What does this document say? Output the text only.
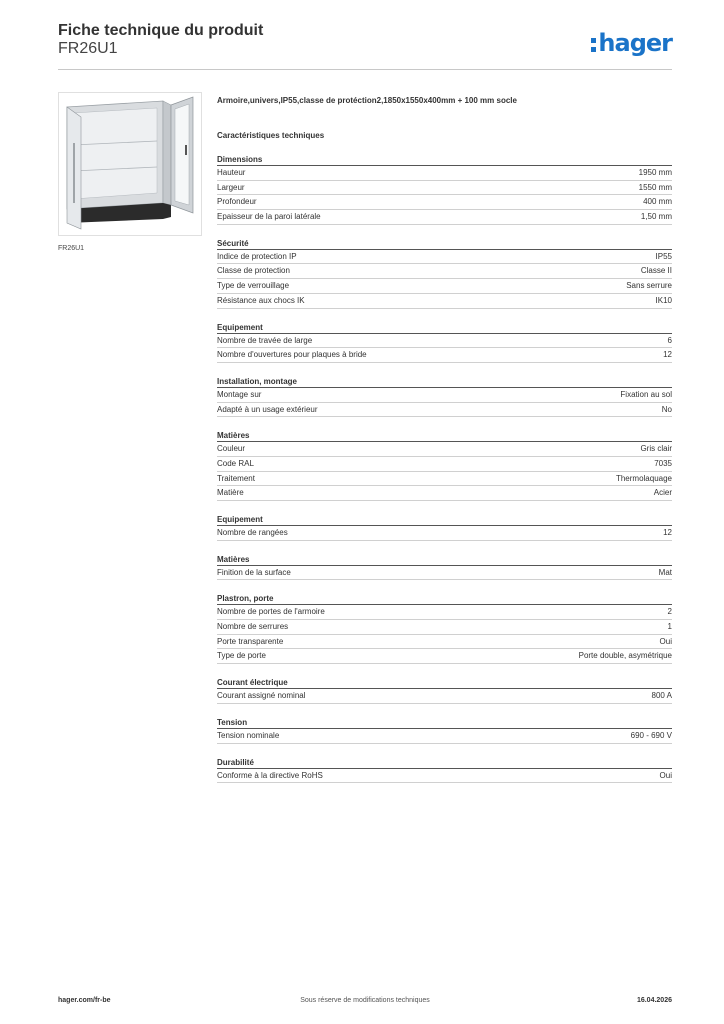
Fiche technique du produit
FR26U1	hager
FR26U1
Armoire,univers,IP55,classe de protéction2,1850x1550x400mm + 100 mm socle
Caractéristiques techniques
Dimensions
Hauteur	1950 mm
Largeur	1550 mm
Profondeur	400 mm
Epaisseur de la paroi latérale	1,50 mm
Sécurité
Indice de protection IP	IP55
Classe de protection	Classe II
Type de verrouillage	Sans serrure
Résistance aux chocs IK	IK10
Equipement
Nombre de travée de large	6
Nombre d'ouvertures pour plaques à bride	12
Installation, montage
Montage sur	Fixation au sol
Adapté à un usage extérieur	No
Matières
Couleur	Gris clair
Code RAL	7035
Traitement	Thermolaquage
Matière	Acier
Equipement
Nombre de rangées	12
Matières
Finition de la surface	Mat
Plastron, porte
Nombre de portes de l'armoire	2
Nombre de serrures	1
Porte transparente	Oui
Type de porte	Porte double, asymétrique
Courant électrique
Courant assigné nominal	800 A
Tension
Tension nominale	690 - 690 V
Durabilité
Conforme à la directive RoHS	Oui
hager.com/fr-be	Sous réserve de modifications techniques	16.04.2026
